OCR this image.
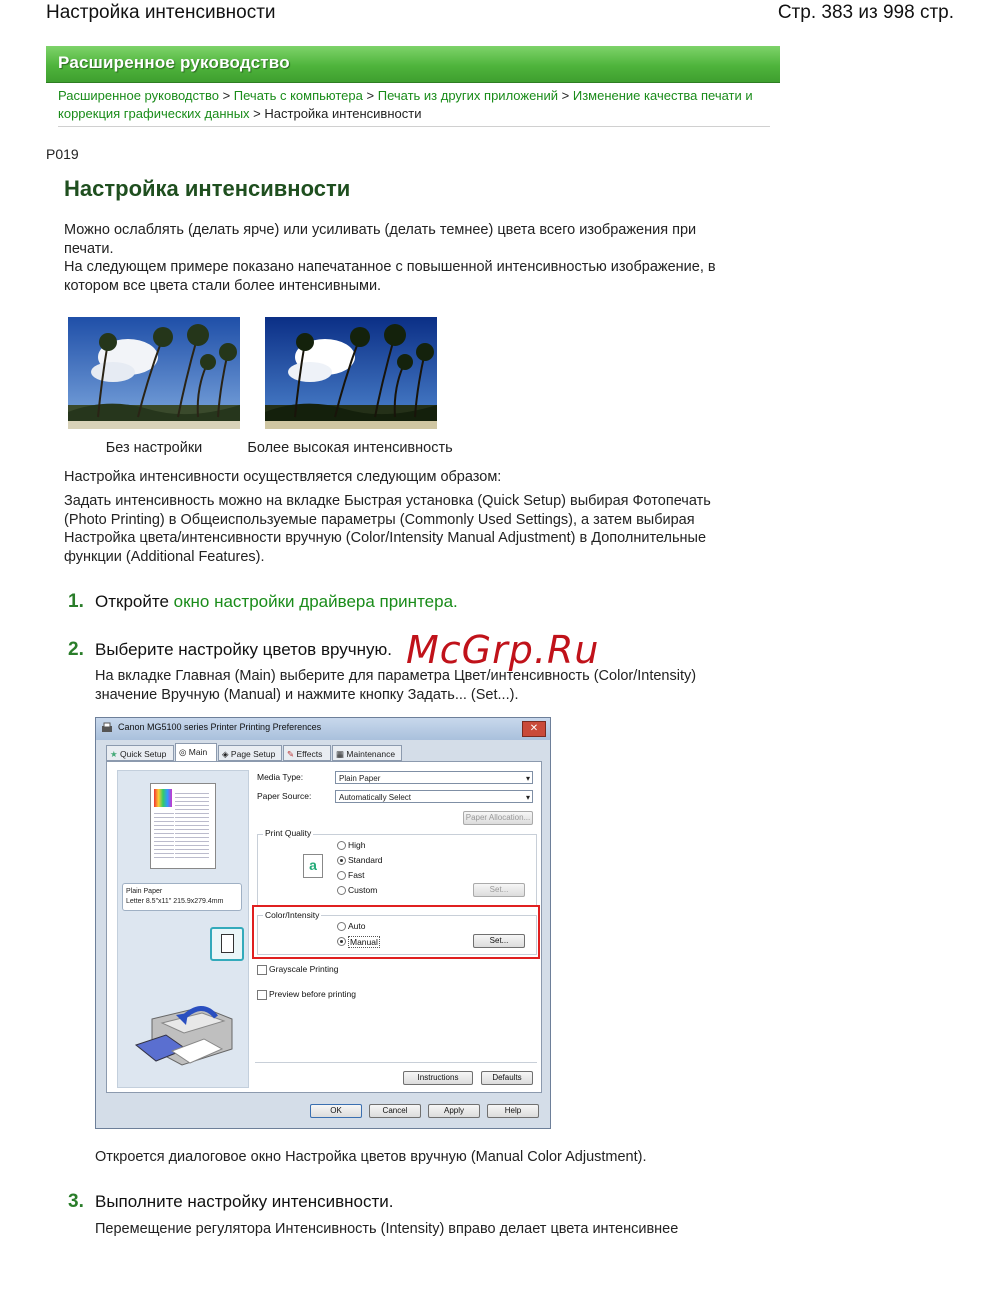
Настройка интенсивности	Стр. 383 из 998 стр.
Расширенное руководство
Расширенное руководство > Печать с компьютера > Печать из других приложений > Изменение качества печати и коррекция графических данных > Настройка интенсивности
P019
Настройка интенсивности
Можно ослаблять (делать ярче) или усиливать (делать темнее) цвета всего изображения при печати.
На следующем примере показано напечатанное с повышенной интенсивностью изображение, в котором все цвета стали более интенсивными.
Без настройки	Более высокая интенсивность
Настройка интенсивности осуществляется следующим образом:
Задать интенсивность можно на вкладке Быстрая установка (Quick Setup) выбирая Фотопечать (Photo Printing) в Общеиспользуемые параметры (Commonly Used Settings), а затем выбирая Настройка цвета/интенсивности вручную (Color/Intensity Manual Adjustment) в Дополнительные функции (Additional Features).
1. Откройте окно настройки драйвера принтера.
2. Выберите настройку цветов вручную. McGrp.Ru
На вкладке Главная (Main) выберите для параметра Цвет/интенсивность (Color/Intensity) значение Вручную (Manual) и нажмите кнопку Задать... (Set...).
Canon MG5100 series Printer Printing Preferences	✕
★ Quick Setup	◎ Main	◈ Page Setup	✎ Effects	▦ Maintenance
Plain Paper
Letter 8.5"x11" 215.9x279.4mm
Media Type:	Plain Paper ▾
Paper Source:	Automatically Select ▾
Paper Allocation...
Print Quality
a
High
Standard
Fast
Custom	Set...
Color/Intensity
Auto
Manual	Set...
Grayscale Printing
Preview before printing
Instructions	Defaults
OK	Cancel	Apply	Help
Откроется диалоговое окно Настройка цветов вручную (Manual Color Adjustment).
3. Выполните настройку интенсивности.
Перемещение регулятора Интенсивность (Intensity) вправо делает цвета интенсивнее
